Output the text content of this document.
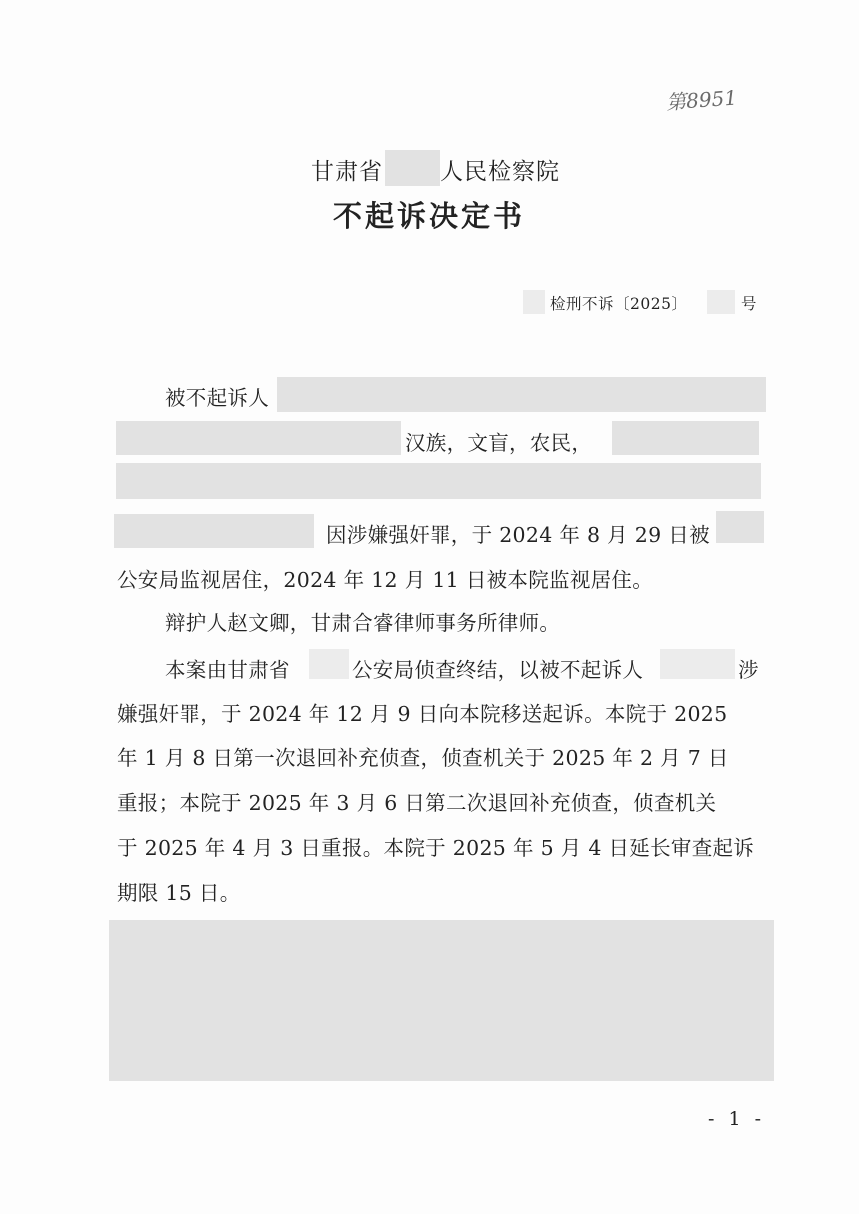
第8951
甘肃省 人民检察院
不起诉决定书
检刑不诉〔2025〕	号
被不起诉人
汉族，文盲，农民，
因涉嫌强奸罪，于 2024 年 8 月 29 日被
公安局监视居住，2024 年 12 月 11 日被本院监视居住。
辩护人赵文卿，甘肃合睿律师事务所律师。
本案由甘肃省	公安局侦查终结，以被不起诉人	涉
嫌强奸罪，于 2024 年 12 月 9 日向本院移送起诉。本院于 2025
年 1 月 8 日第一次退回补充侦查，侦查机关于 2025 年 2 月 7 日
重报；本院于 2025 年 3 月 6 日第二次退回补充侦查，侦查机关
于 2025 年 4 月 3 日重报。本院于 2025 年 5 月 4 日延长审查起诉
期限 15 日。
- 1 -
